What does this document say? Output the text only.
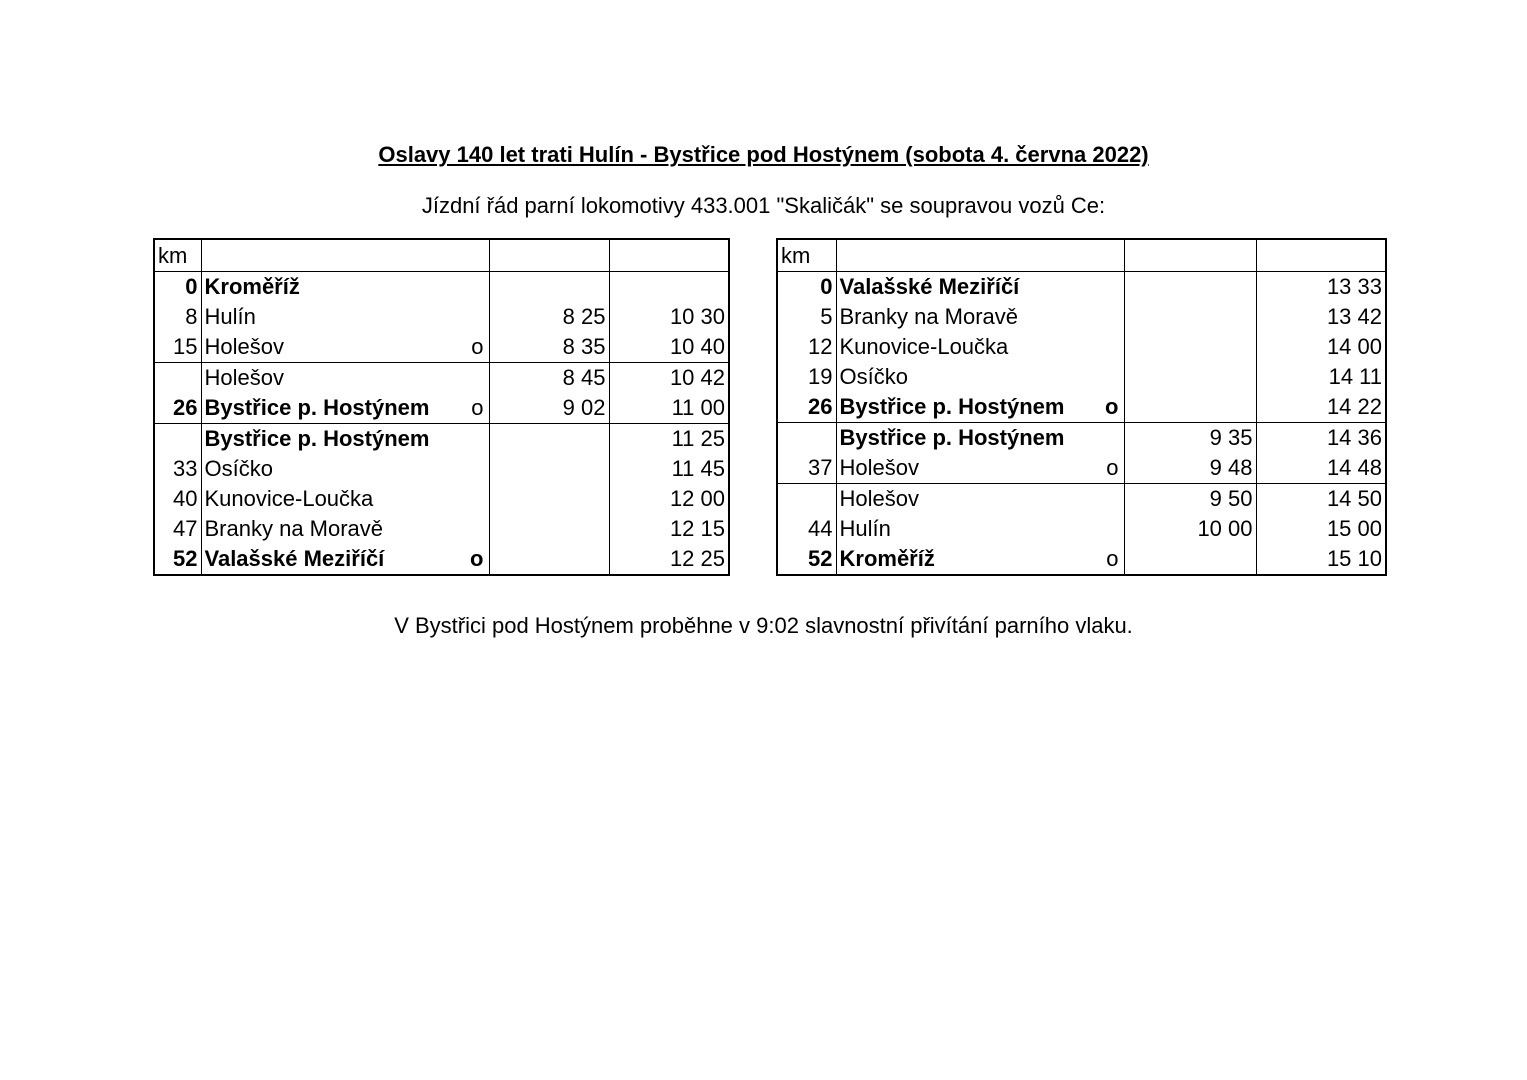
Oslavy 140 let trati Hulín - Bystřice pod Hostýnem (sobota 4. června 2022)
Jízdní řád parní lokomotivy 433.001 "Skaličák" se soupravou vozů Ce:
km			
0	Kroměříž		

8	Hulín	8 25	10 30
15	Holešov o	8 35	10 40

	Holešov	8 45	10 42
26	Bystřice p. Hostýnem o	9 02	11 00

	Bystřice p. Hostýnem		11 25
33	Osíčko		11 45
40	Kunovice-Loučka		12 00
47	Branky na Moravě		12 15
52	Valašské Meziříčí o		12 25
km			
0	Valašské Meziříčí		13 33
5	Branky na Moravě		13 42
12	Kunovice-Loučka		14 00
19	Osíčko		14 11
26	Bystřice p. Hostýnem o		14 22

	Bystřice p. Hostýnem	9 35	14 36
37	Holešov o	9 48	14 48

	Holešov	9 50	14 50
44	Hulín	10 00	15 00
52	Kroměříž o		15 10
V Bystřici pod Hostýnem proběhne v 9:02 slavnostní přivítání parního vlaku.
